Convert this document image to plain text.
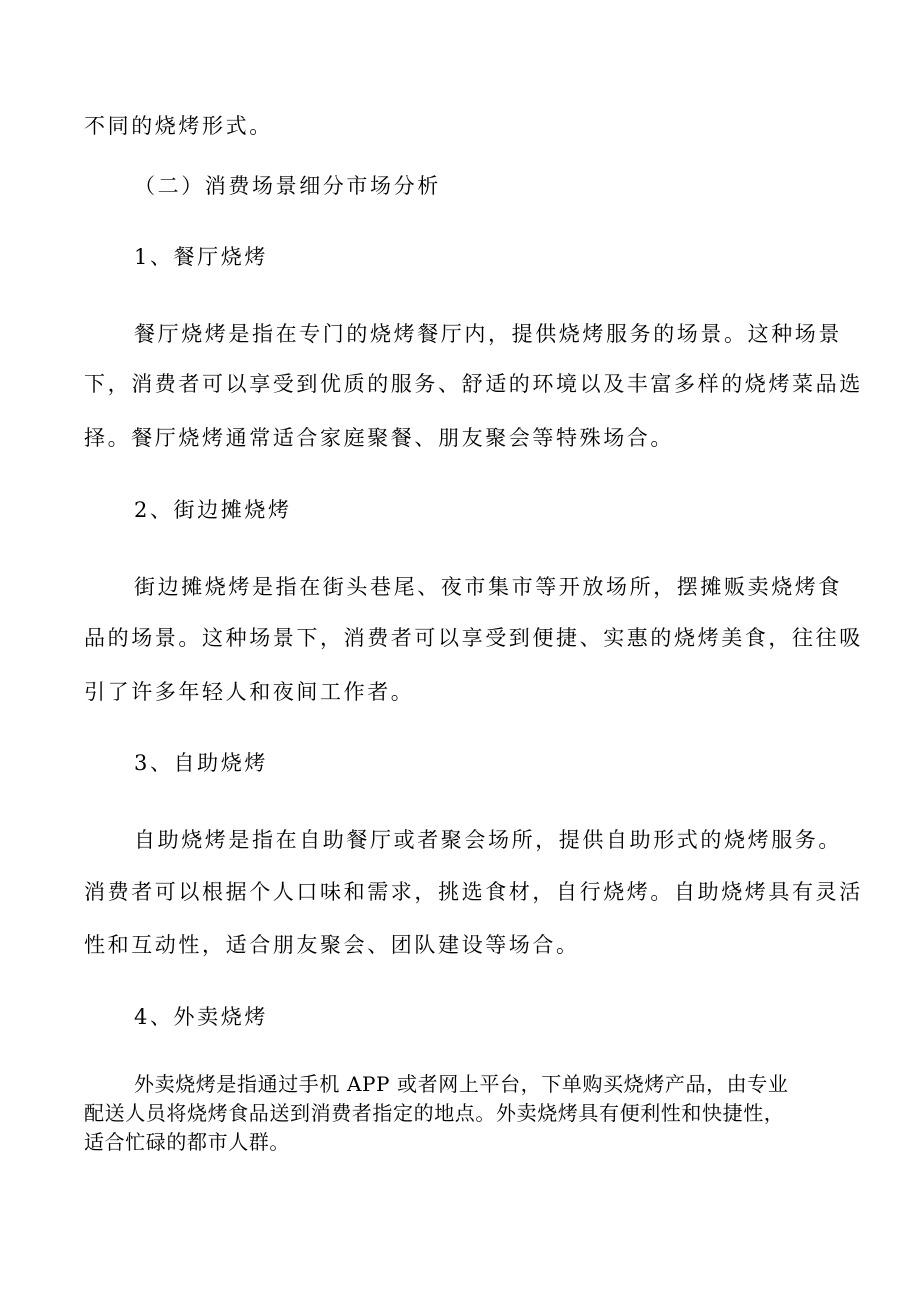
不同的烧烤形式。
（二）消费场景细分市场分析
1、餐厅烧烤
餐厅烧烤是指在专门的烧烤餐厅内，提供烧烤服务的场景。这种场景
下，消费者可以享受到优质的服务、舒适的环境以及丰富多样的烧烤菜品选
择。餐厅烧烤通常适合家庭聚餐、朋友聚会等特殊场合。
2、街边摊烧烤
街边摊烧烤是指在街头巷尾、夜市集市等开放场所，摆摊贩卖烧烤食
品的场景。这种场景下，消费者可以享受到便捷、实惠的烧烤美食，往往吸
引了许多年轻人和夜间工作者。
3、自助烧烤
自助烧烤是指在自助餐厅或者聚会场所，提供自助形式的烧烤服务。
消费者可以根据个人口味和需求，挑选食材，自行烧烤。自助烧烤具有灵活
性和互动性，适合朋友聚会、团队建设等场合。
4、外卖烧烤
外卖烧烤是指通过手机 APP 或者网上平台，下单购买烧烤产品，由专业
配送人员将烧烤食品送到消费者指定的地点。外卖烧烤具有便利性和快捷性，
适合忙碌的都市人群。
